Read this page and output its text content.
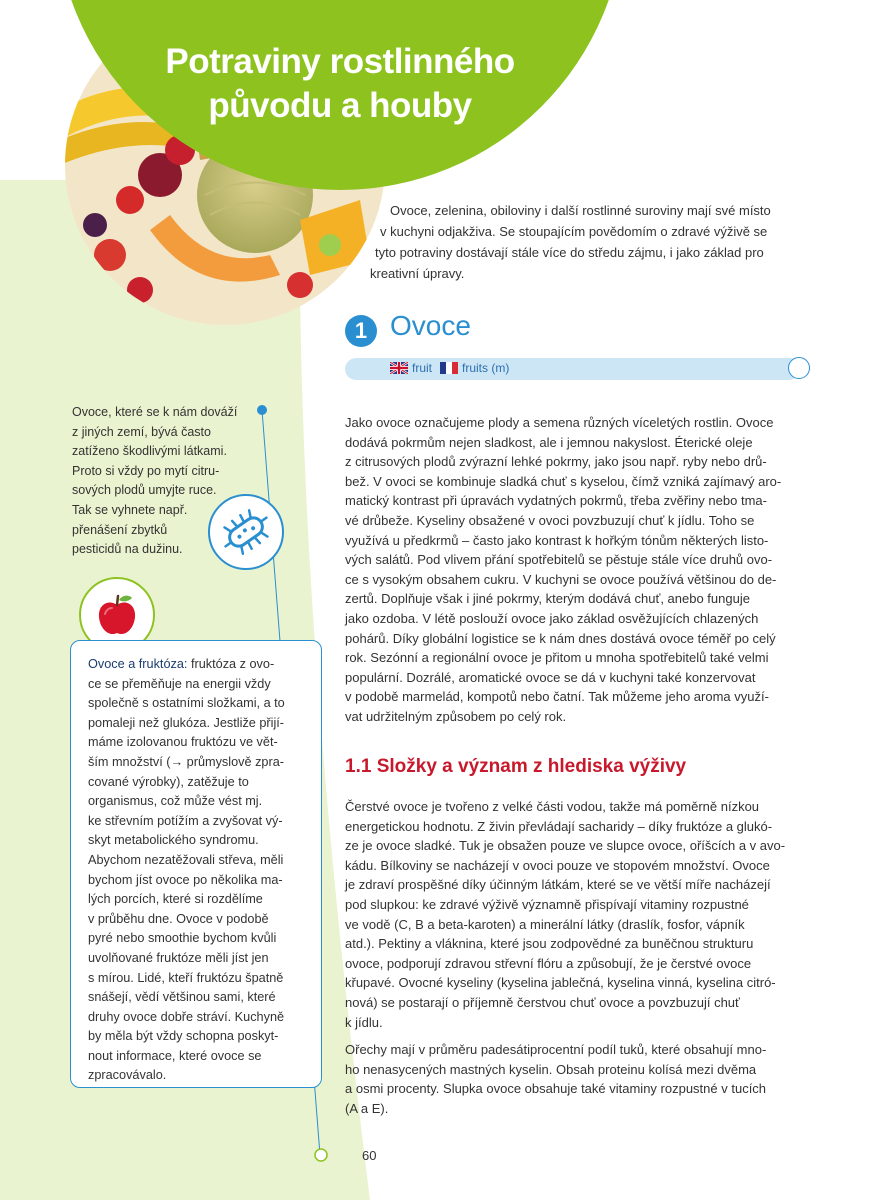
Potraviny rostlinného
původu a houby
Ovoce, zelenina, obiloviny i další rostlinné suroviny mají své místo
v kuchyni odjakživa. Se stoupajícím povědomím o zdravé výživě se
tyto potraviny dostávají stále více do středu zájmu, i jako základ pro
kreativní úpravy.
1 Ovoce
fruit	fruits (m)
Jako ovoce označujeme plody a semena různých víceletých rostlin. Ovoce
dodává pokrmům nejen sladkost, ale i jemnou nakyslost. Éterické oleje
z citrusových plodů zvýrazní lehké pokrmy, jako jsou např. ryby nebo drů-
bež. V ovoci se kombinuje sladká chuť s kyselou, čímž vzniká zajímavý aro-
matický kontrast při úpravách vydatných pokrmů, třeba zvěřiny nebo tma-
vé drůbeže. Kyseliny obsažené v ovoci povzbuzují chuť k jídlu. Toho se
využívá u předkrmů – často jako kontrast k hořkým tónům některých listo-
vých salátů. Pod vlivem přání spotřebitelů se pěstuje stále více druhů ovo-
ce s vysokým obsahem cukru. V kuchyni se ovoce používá většinou do de-
zertů. Doplňuje však i jiné pokrmy, kterým dodává chuť, anebo funguje
jako ozdoba. V létě poslouží ovoce jako základ osvěžujících chlazených
pohárů. Díky globální logistice se k nám dnes dostává ovoce téměř po celý
rok. Sezónní a regionální ovoce je přitom u mnoha spotřebitelů také velmi
populární. Dozrálé, aromatické ovoce se dá v kuchyni také konzervovat
v podobě marmelád, kompotů nebo čatní. Tak můžeme jeho aroma využí-
vat udržitelným způsobem po celý rok.
1.1 Složky a význam z hlediska výživy
Čerstvé ovoce je tvořeno z velké části vodou, takže má poměrně nízkou
energetickou hodnotu. Z živin převládají sacharidy – díky fruktóze a glukó-
ze je ovoce sladké. Tuk je obsažen pouze ve slupce ovoce, oříšcích a v avo-
kádu. Bílkoviny se nacházejí v ovoci pouze ve stopovém množství. Ovoce
je zdraví prospěšné díky účinným látkám, které se ve větší míře nacházejí
pod slupkou: ke zdravé výživě významně přispívají vitaminy rozpustné
ve vodě (C, B a beta-karoten) a minerální látky (draslík, fosfor, vápník
atd.). Pektiny a vláknina, které jsou zodpovědné za buněčnou strukturu
ovoce, podporují zdravou střevní flóru a způsobují, že je čerstvé ovoce
křupavé. Ovocné kyseliny (kyselina jablečná, kyselina vinná, kyselina citró-
nová) se postarají o příjemně čerstvou chuť ovoce a povzbuzují chuť
k jídlu.
Ořechy mají v průměru padesátiprocentní podíl tuků, které obsahují mno-
ho nenasycených mastných kyselin. Obsah proteinu kolísá mezi dvěma
a osmi procenty. Slupka ovoce obsahuje také vitaminy rozpustné v tucích
(A a E).
Ovoce, které se k nám dováží
z jiných zemí, bývá často
zatíženo škodlivými látkami.
Proto si vždy po mytí citru-
sových plodů umyjte ruce.
Tak se vyhnete např.
přenášení zbytků
pesticidů na dužinu.
Ovoce a fruktóza: fruktóza z ovo-
ce se přeměňuje na energii vždy
společně s ostatními složkami, a to
pomaleji než glukóza. Jestliže přijí-
máme izolovanou fruktózu ve vět-
ším množství (→ průmyslově zpra-
cované výrobky), zatěžuje to
organismus, což může vést mj.
ke střevním potížím a zvyšovat vý-
skyt metabolického syndromu.
Abychom nezatěžovali střeva, měli
bychom jíst ovoce po několika ma-
lých porcích, které si rozdělíme
v průběhu dne. Ovoce v podobě
pyré nebo smoothie bychom kvůli
uvolňované fruktóze měli jíst jen
s mírou. Lidé, kteří fruktózu špatně
snášejí, vědí většinou sami, které
druhy ovoce dobře stráví. Kuchyně
by měla být vždy schopna poskyt-
nout informace, které ovoce se
zpracovávalo.
60
